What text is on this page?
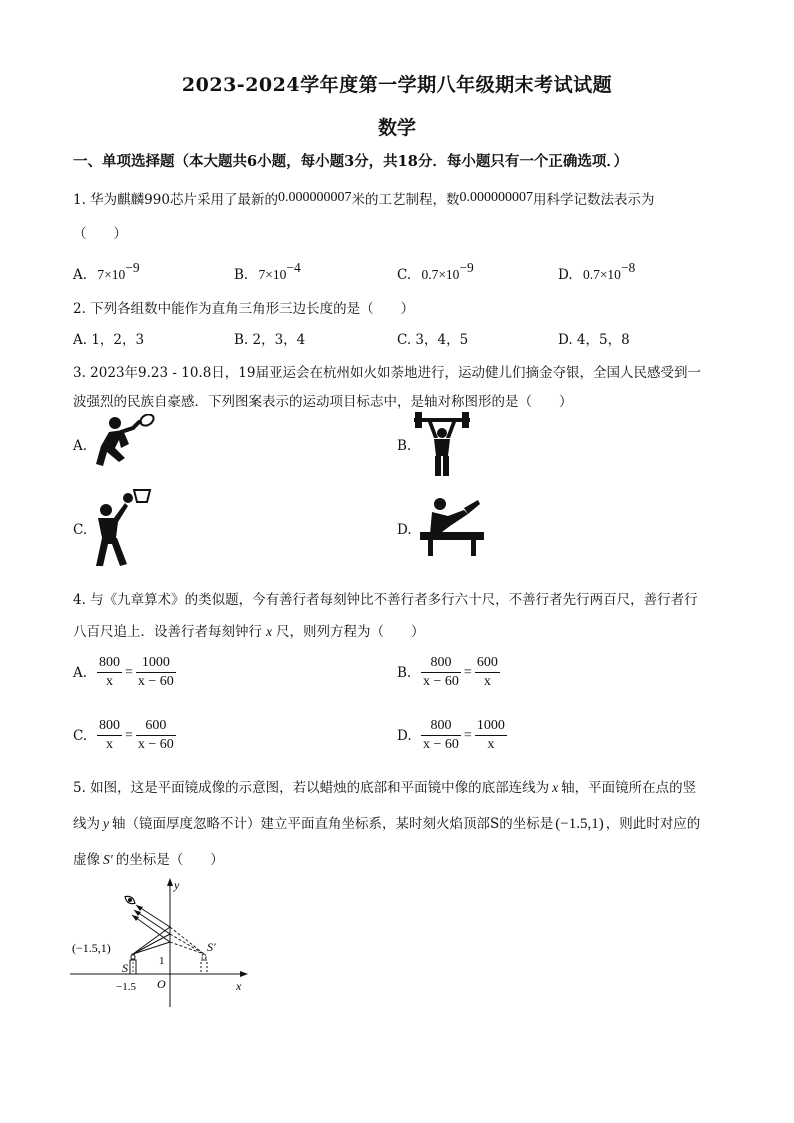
2023-2024学年度第一学期八年级期末考试试题
数学
一、单项选择题（本大题共6小题，每小题3分，共18分．每小题只有一个正确选项．）
1. 华为麒麟990芯片采用了最新的0.000000007米的工艺制程，数0.000000007用科学记数法表示为
（　　）
A. $7\times 10^{-9}$	B. $7\times 10^{-4}$	C. $0.7\times 10^{-9}$	D. $0.7\times 10^{-8}$
2. 下列各组数中能作为直角三角形三边长度的是（　　）
A. 1，2，3	B. 2，3，4	C. 3，4，5	D. 4，5，8
3. 2023年9.23 - 10.8日，19届亚运会在杭州如火如荼地进行，运动健儿们摘金夺银，全国人民感受到一
波强烈的民族自豪感．下列图案表示的运动项目标志中，是轴对称图形的是（　　）
A.	B.
C.	D.
4. 与《九章算术》的类似题，今有善行者每刻钟比不善行者多行六十尺，不善行者先行两百尺，善行者行
八百尺追上．设善行者每刻钟行 x 尺，则列方程为（　　）
A. $\frac{800}{x} = \frac{1000}{x - 60}$	B. $\frac{800}{x - 60} = \frac{600}{x}$
C. $\frac{800}{x} = \frac{600}{x - 60}$	D. $\frac{800}{x - 60} = \frac{1000}{x}$
5. 如图，这是平面镜成像的示意图，若以蜡烛的底部和平面镜中像的底部连线为 x 轴，平面镜所在点的竖
线为 y 轴（镜面厚度忽略不计）建立平面直角坐标系，某时刻火焰顶部S的坐标是 (−1.5,1) ，则此时对应的
虚像 S′ 的坐标是（　　）
(−1.5,1)
S
S′
1
−1.5 O	x
y
